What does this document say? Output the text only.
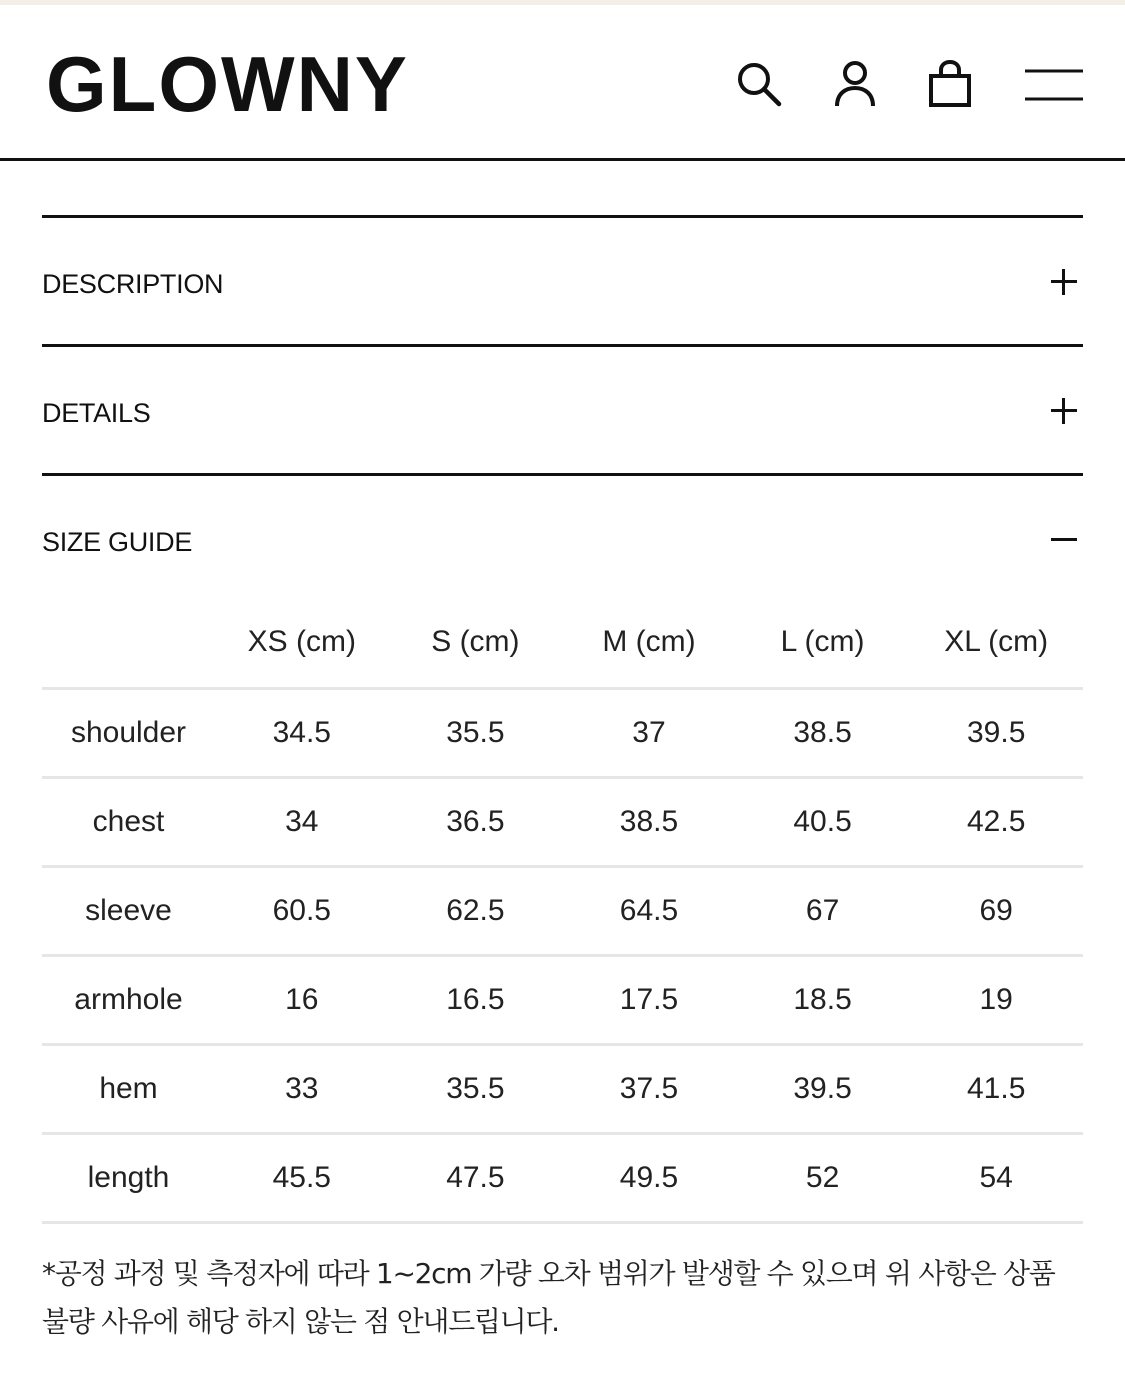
GLOWNY
DESCRIPTION
DETAILS
SIZE GUIDE
	XS (cm)	S (cm)	M (cm)	L (cm)	XL (cm)
shoulder	34.5	35.5	37	38.5	39.5
chest	34	36.5	38.5	40.5	42.5
sleeve	60.5	62.5	64.5	67	69
armhole	16	16.5	17.5	18.5	19
hem	33	35.5	37.5	39.5	41.5
length	45.5	47.5	49.5	52	54

*공정 과정 및 측정자에 따라 1~2cm 가량 오차 범위가 발생할 수 있으며 위 사항은 상품 불량 사유에 해당 하지 않는 점 안내드립니다.
